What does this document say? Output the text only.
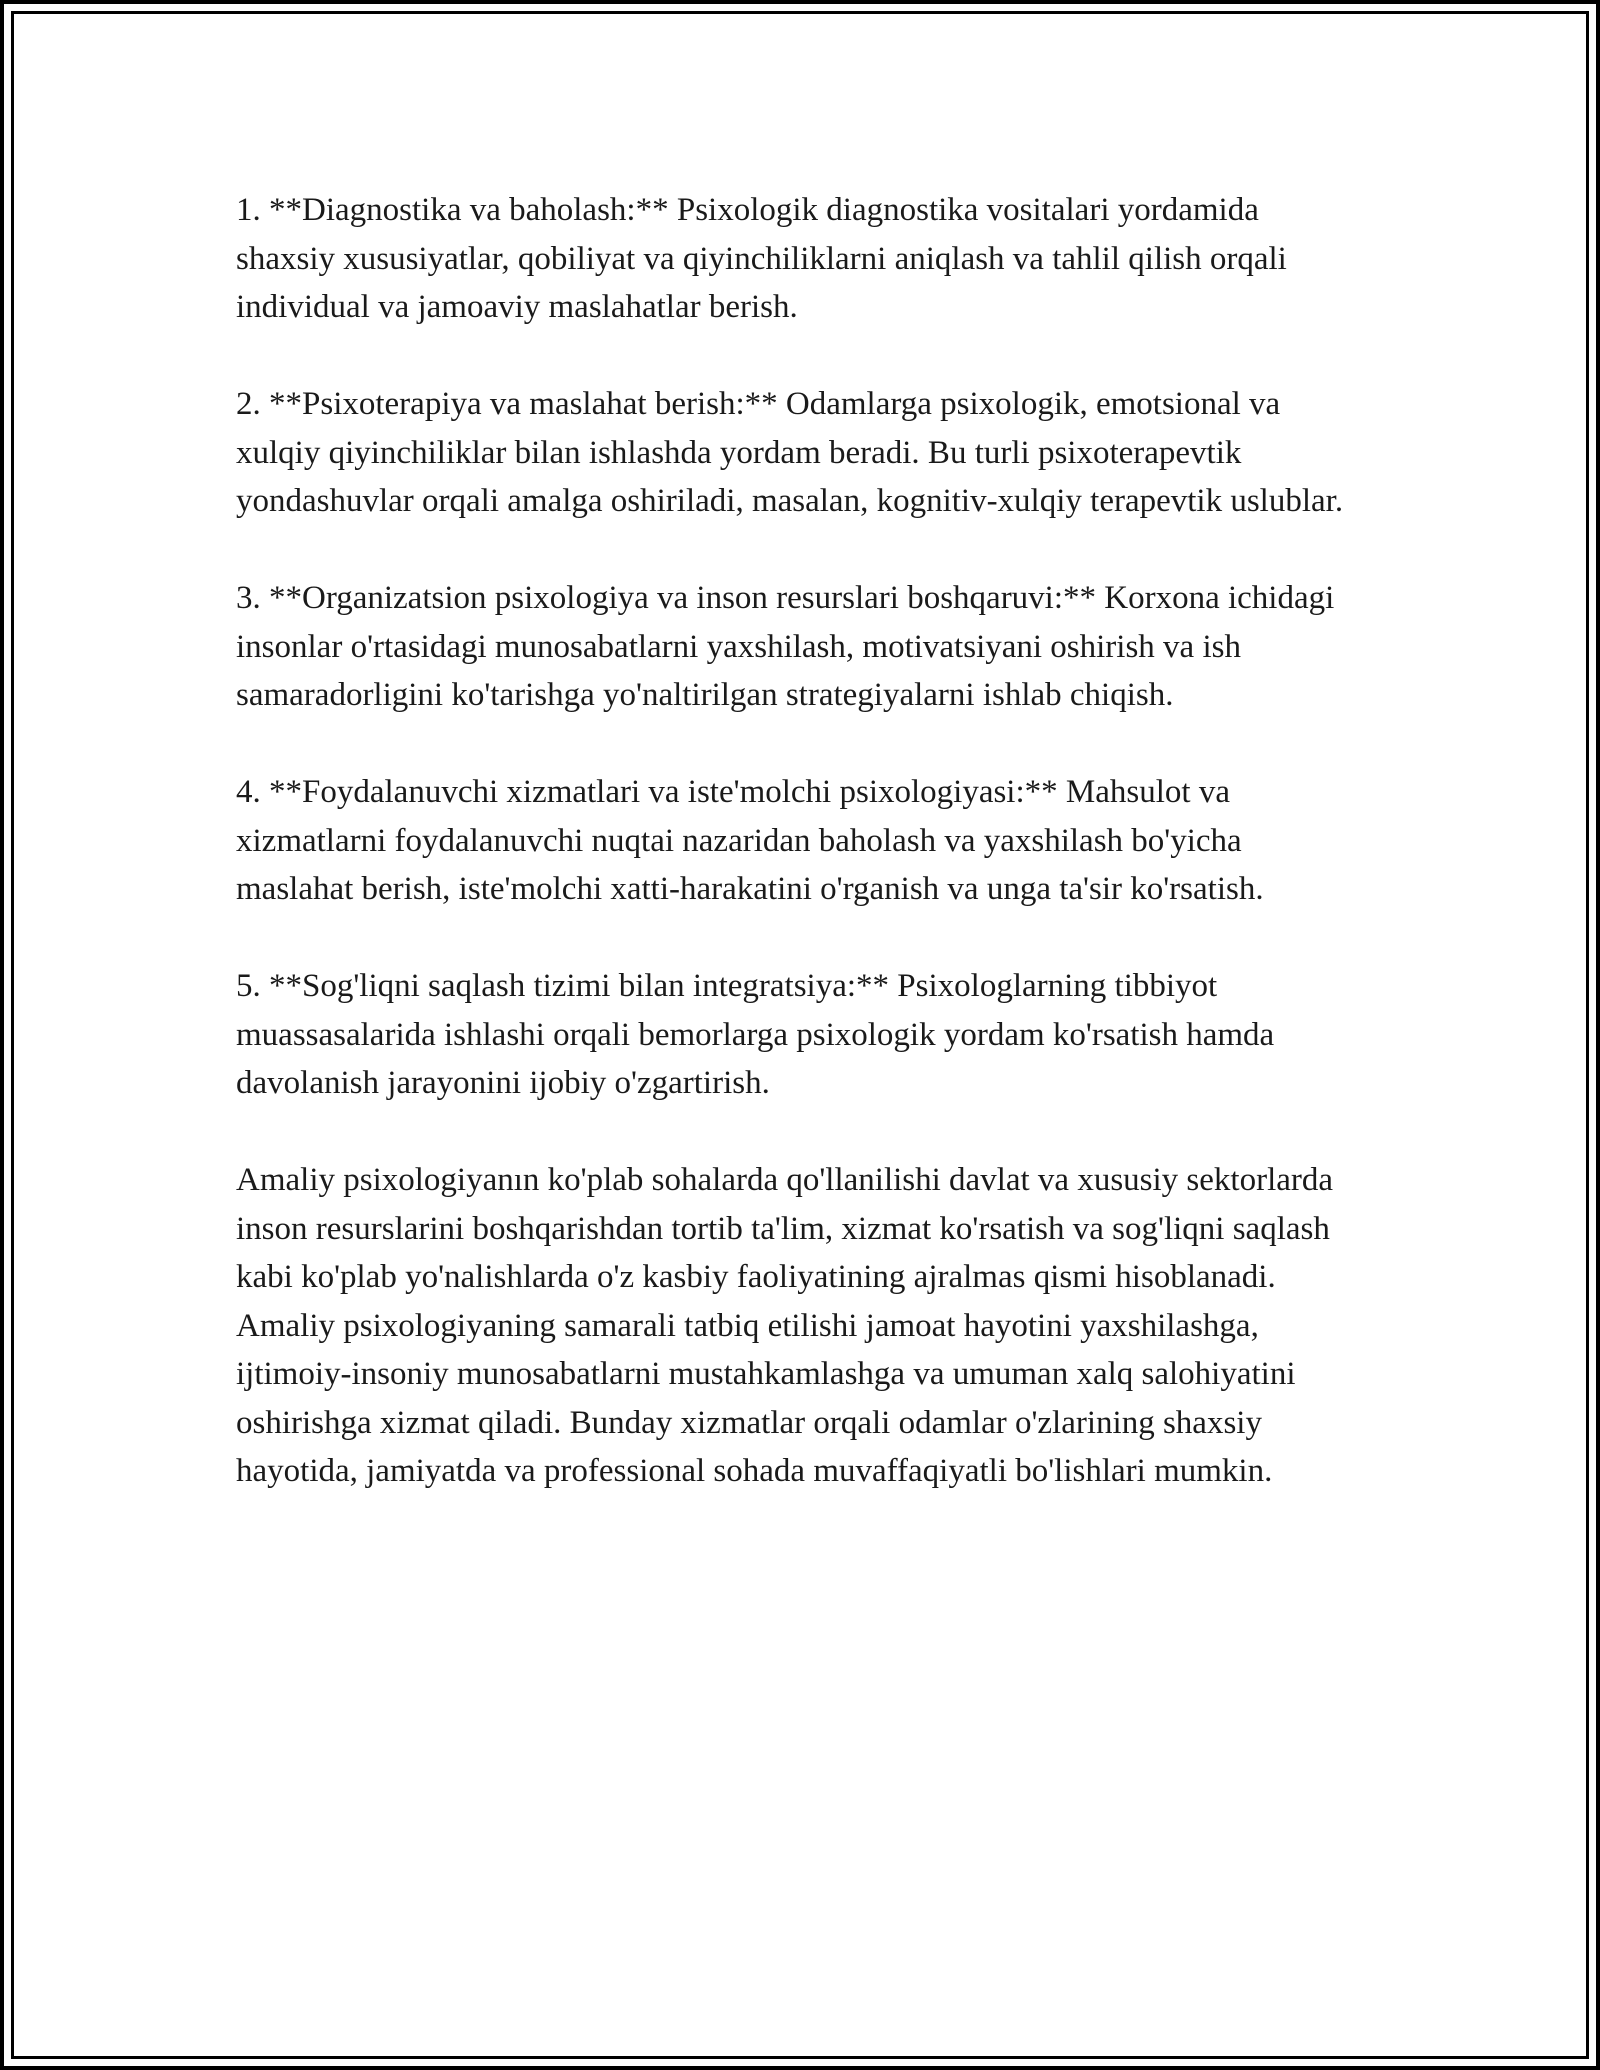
1. **Diagnostika va baholash:** Psixologik diagnostika vositalari yordamida shaxsiy xususiyatlar, qobiliyat va qiyinchiliklarni aniqlash va tahlil qilish orqali individual va jamoaviy maslahatlar berish.

2. **Psixoterapiya va maslahat berish:** Odamlarga psixologik, emotsional va xulqiy qiyinchiliklar bilan ishlashda yordam beradi. Bu turli psixoterapevtik yondashuvlar orqali amalga oshiriladi, masalan, kognitiv-xulqiy terapevtik uslublar.

3. **Organizatsion psixologiya va inson resurslari boshqaruvi:** Korxona ichidagi insonlar o'rtasidagi munosabatlarni yaxshilash, motivatsiyani oshirish va ish samaradorligini ko'tarishga yo'naltirilgan strategiyalarni ishlab chiqish.

4. **Foydalanuvchi xizmatlari va iste'molchi psixologiyasi:** Mahsulot va xizmatlarni foydalanuvchi nuqtai nazaridan baholash va yaxshilash bo'yicha maslahat berish, iste'molchi xatti-harakatini o'rganish va unga ta'sir ko'rsatish.

5. **Sog'liqni saqlash tizimi bilan integratsiya:** Psixologlarning tibbiyot muassasalarida ishlashi orqali bemorlarga psixologik yordam ko'rsatish hamda davolanish jarayonini ijobiy o'zgartirish.

Amaliy psixologiyanın ko'plab sohalarda qo'llanilishi davlat va xususiy sektorlarda inson resurslarini boshqarishdan tortib ta'lim, xizmat ko'rsatish va sog'liqni saqlash kabi ko'plab yo'nalishlarda o'z kasbiy faoliyatining ajralmas qismi hisoblanadi. Amaliy psixologiyaning samarali tatbiq etilishi jamoat hayotini yaxshilashga, ijtimoiy-insoniy munosabatlarni mustahkamlashga va umuman xalq salohiyatini oshirishga xizmat qiladi. Bunday xizmatlar orqali odamlar o'zlarining shaxsiy hayotida, jamiyatda va professional sohada muvaffaqiyatli bo'lishlari mumkin.
